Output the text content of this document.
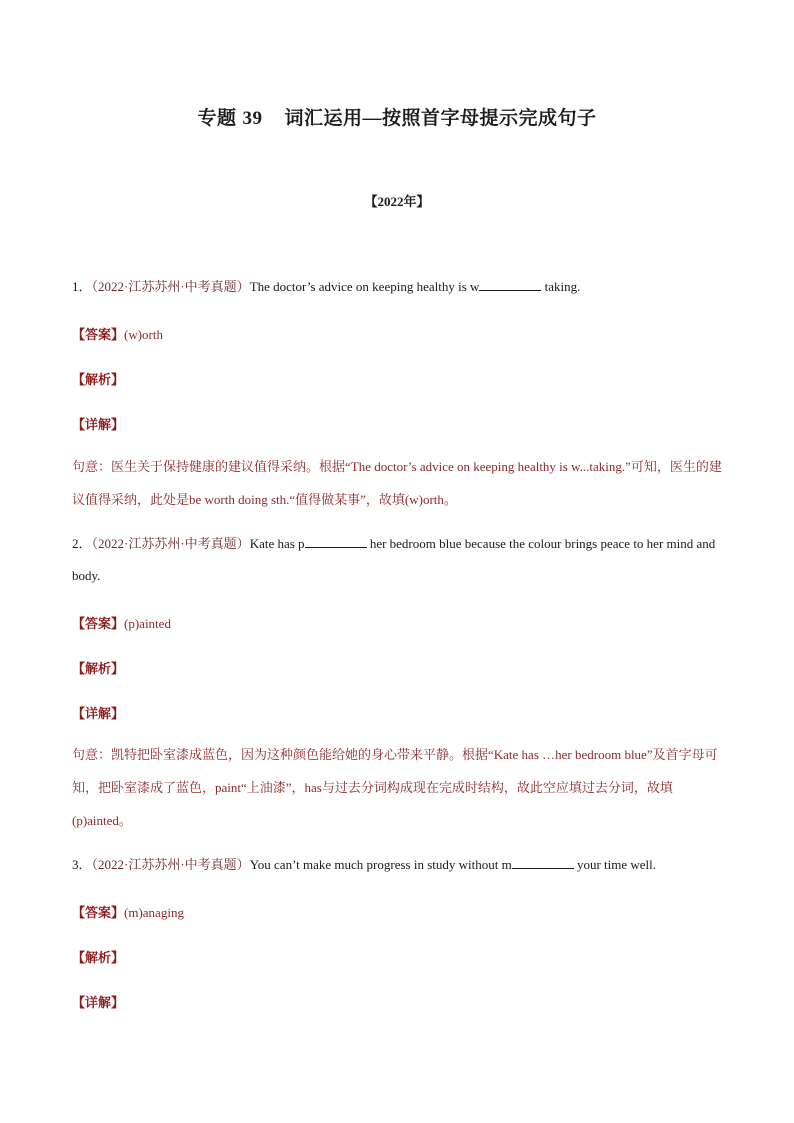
专题 39 词汇运用—按照首字母提示完成句子
【2022年】
1．（2022·江苏苏州·中考真题）The doctor’s advice on keeping healthy is w	taking.
【答案】(w)orth
【解析】
【详解】
句意：医生关于保持健康的建议值得采纳。根据“The doctor’s advice on keeping healthy is w...taking.”可知，医生的建议值得采纳，此处是be worth doing sth.“值得做某事”，故填(w)orth。
2．（2022·江苏苏州·中考真题）Kate has p	her bedroom blue because the colour brings peace to her mind and body.
【答案】(p)ainted
【解析】
【详解】
句意：凯特把卧室漆成蓝色，因为这种颜色能给她的身心带来平静。根据“Kate has …her bedroom blue”及首字母可知，把卧室漆成了蓝色，paint“上油漆”，has与过去分词构成现在完成时结构，故此空应填过去分词，故填(p)ainted。
3．（2022·江苏苏州·中考真题）You can’t make much progress in study without m	your time well.
【答案】(m)anaging
【解析】
【详解】
